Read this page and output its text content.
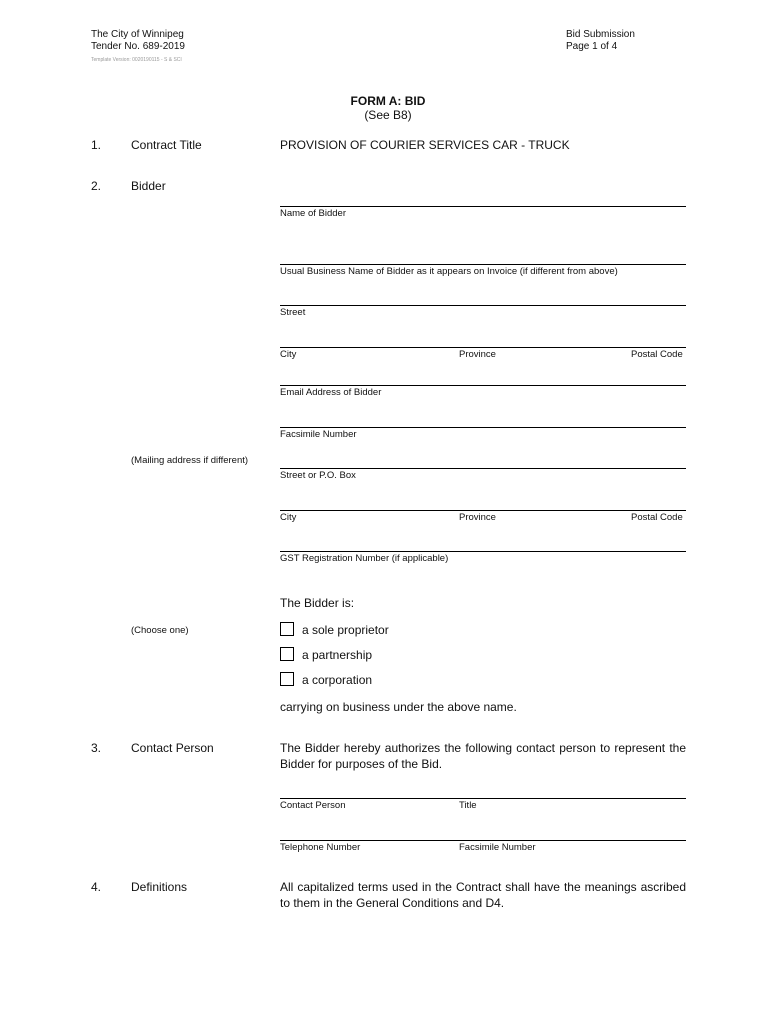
The City of Winnipeg
Tender No. 689-2019
Template Version: 0020190115 - S & SCI
Bid Submission
Page 1 of 4
FORM A: BID
(See B8)
1. Contract Title	PROVISION OF COURIER SERVICES CAR - TRUCK
2. Bidder
Name of Bidder
Usual Business Name of Bidder as it appears on Invoice (if different from above)
Street
City	Province	Postal Code
Email Address of Bidder
Facsimile Number
(Mailing address if different)
Street or P.O. Box
City	Province	Postal Code
GST Registration Number (if applicable)
The Bidder is:
(Choose one)	a sole proprietor
a partnership
a corporation
carrying on business under the above name.
3. Contact Person	The Bidder hereby authorizes the following contact person to represent the Bidder for purposes of the Bid.
Contact Person	Title
Telephone Number	Facsimile Number
4. Definitions	All capitalized terms used in the Contract shall have the meanings ascribed to them in the General Conditions and D4.
